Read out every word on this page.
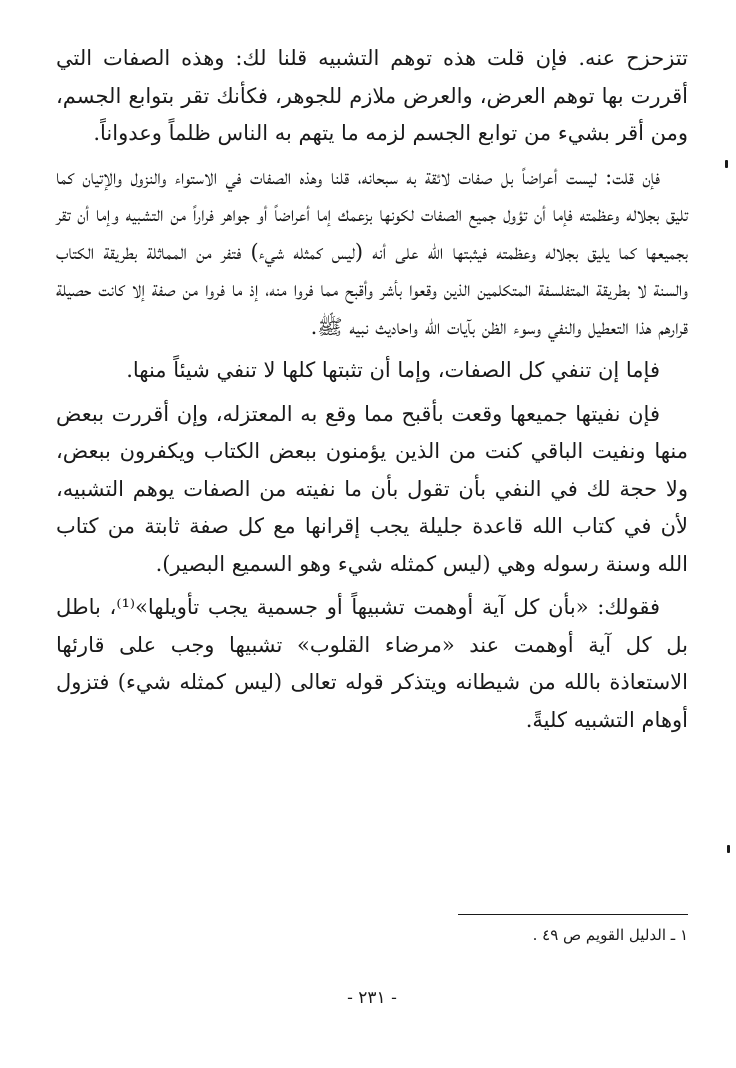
تتزحزح عنه. فإن قلت هذه توهم التشبيه قلنا لك: وهذه الصفات التي أقررت بها توهم العرض، والعرض ملازم للجوهر، فكأنك تقر بتوابع الجسم، ومن أقر بشيء من توابع الجسم لزمه ما يتهم به الناس ظلماً وعدواناً.

فإن قلت: ليست أعراضاً بل صفات لائقة به سبحانه، قلنا وهذه الصفات في الاستواء والنزول والإتيان كما تليق بجلاله وعظمته فإما أن تؤول جميع الصفات لكونها بزعمك إما أعراضاً أو جواهر فراراً من التشبيه وإما أن تقر بجميعها كما يليق بجلاله وعظمته فيثبتها الله على أنه (ليس كمثله شيء) فتفر من المماثلة بطريقة الكتاب والسنة لا بطريقة المتفلسفة المتكلمين الذين وقعوا بأشر وأقبح مما فروا منه، إذ ما فروا من صفة إلا كانت حصيلة قرارهم هذا التعطيل والنفي وسوء الظن بآيات الله واحاديث نبيه ﷺ.

فإما إن تنفي كل الصفات، وإما أن تثبتها كلها لا تنفي شيئاً منها.

فإن نفيتها جميعها وقعت بأقبح مما وقع به المعتزله، وإن أقررت ببعض منها ونفيت الباقي كنت من الذين يؤمنون ببعض الكتاب ويكفرون ببعض، ولا حجة لك في النفي بأن تقول بأن ما نفيته من الصفات يوهم التشبيه، لأن في كتاب الله قاعدة جليلة يجب إقرانها مع كل صفة ثابتة من كتاب الله وسنة رسوله وهي (ليس كمثله شيء وهو السميع البصير).

فقولك: «بأن كل آية أوهمت تشبيهاً أو جسمية يجب تأويلها»⁽¹⁾، باطل بل كل آية أوهمت عند «مرضاء القلوب» تشبيها وجب على قارئها الاستعاذة بالله من شيطانه ويتذكر قوله تعالى (ليس كمثله شيء) فتزول أوهام التشبيه كليةً.

١ ـ الدليل القويم ص ٤٩ .
- ٢٣١ -
